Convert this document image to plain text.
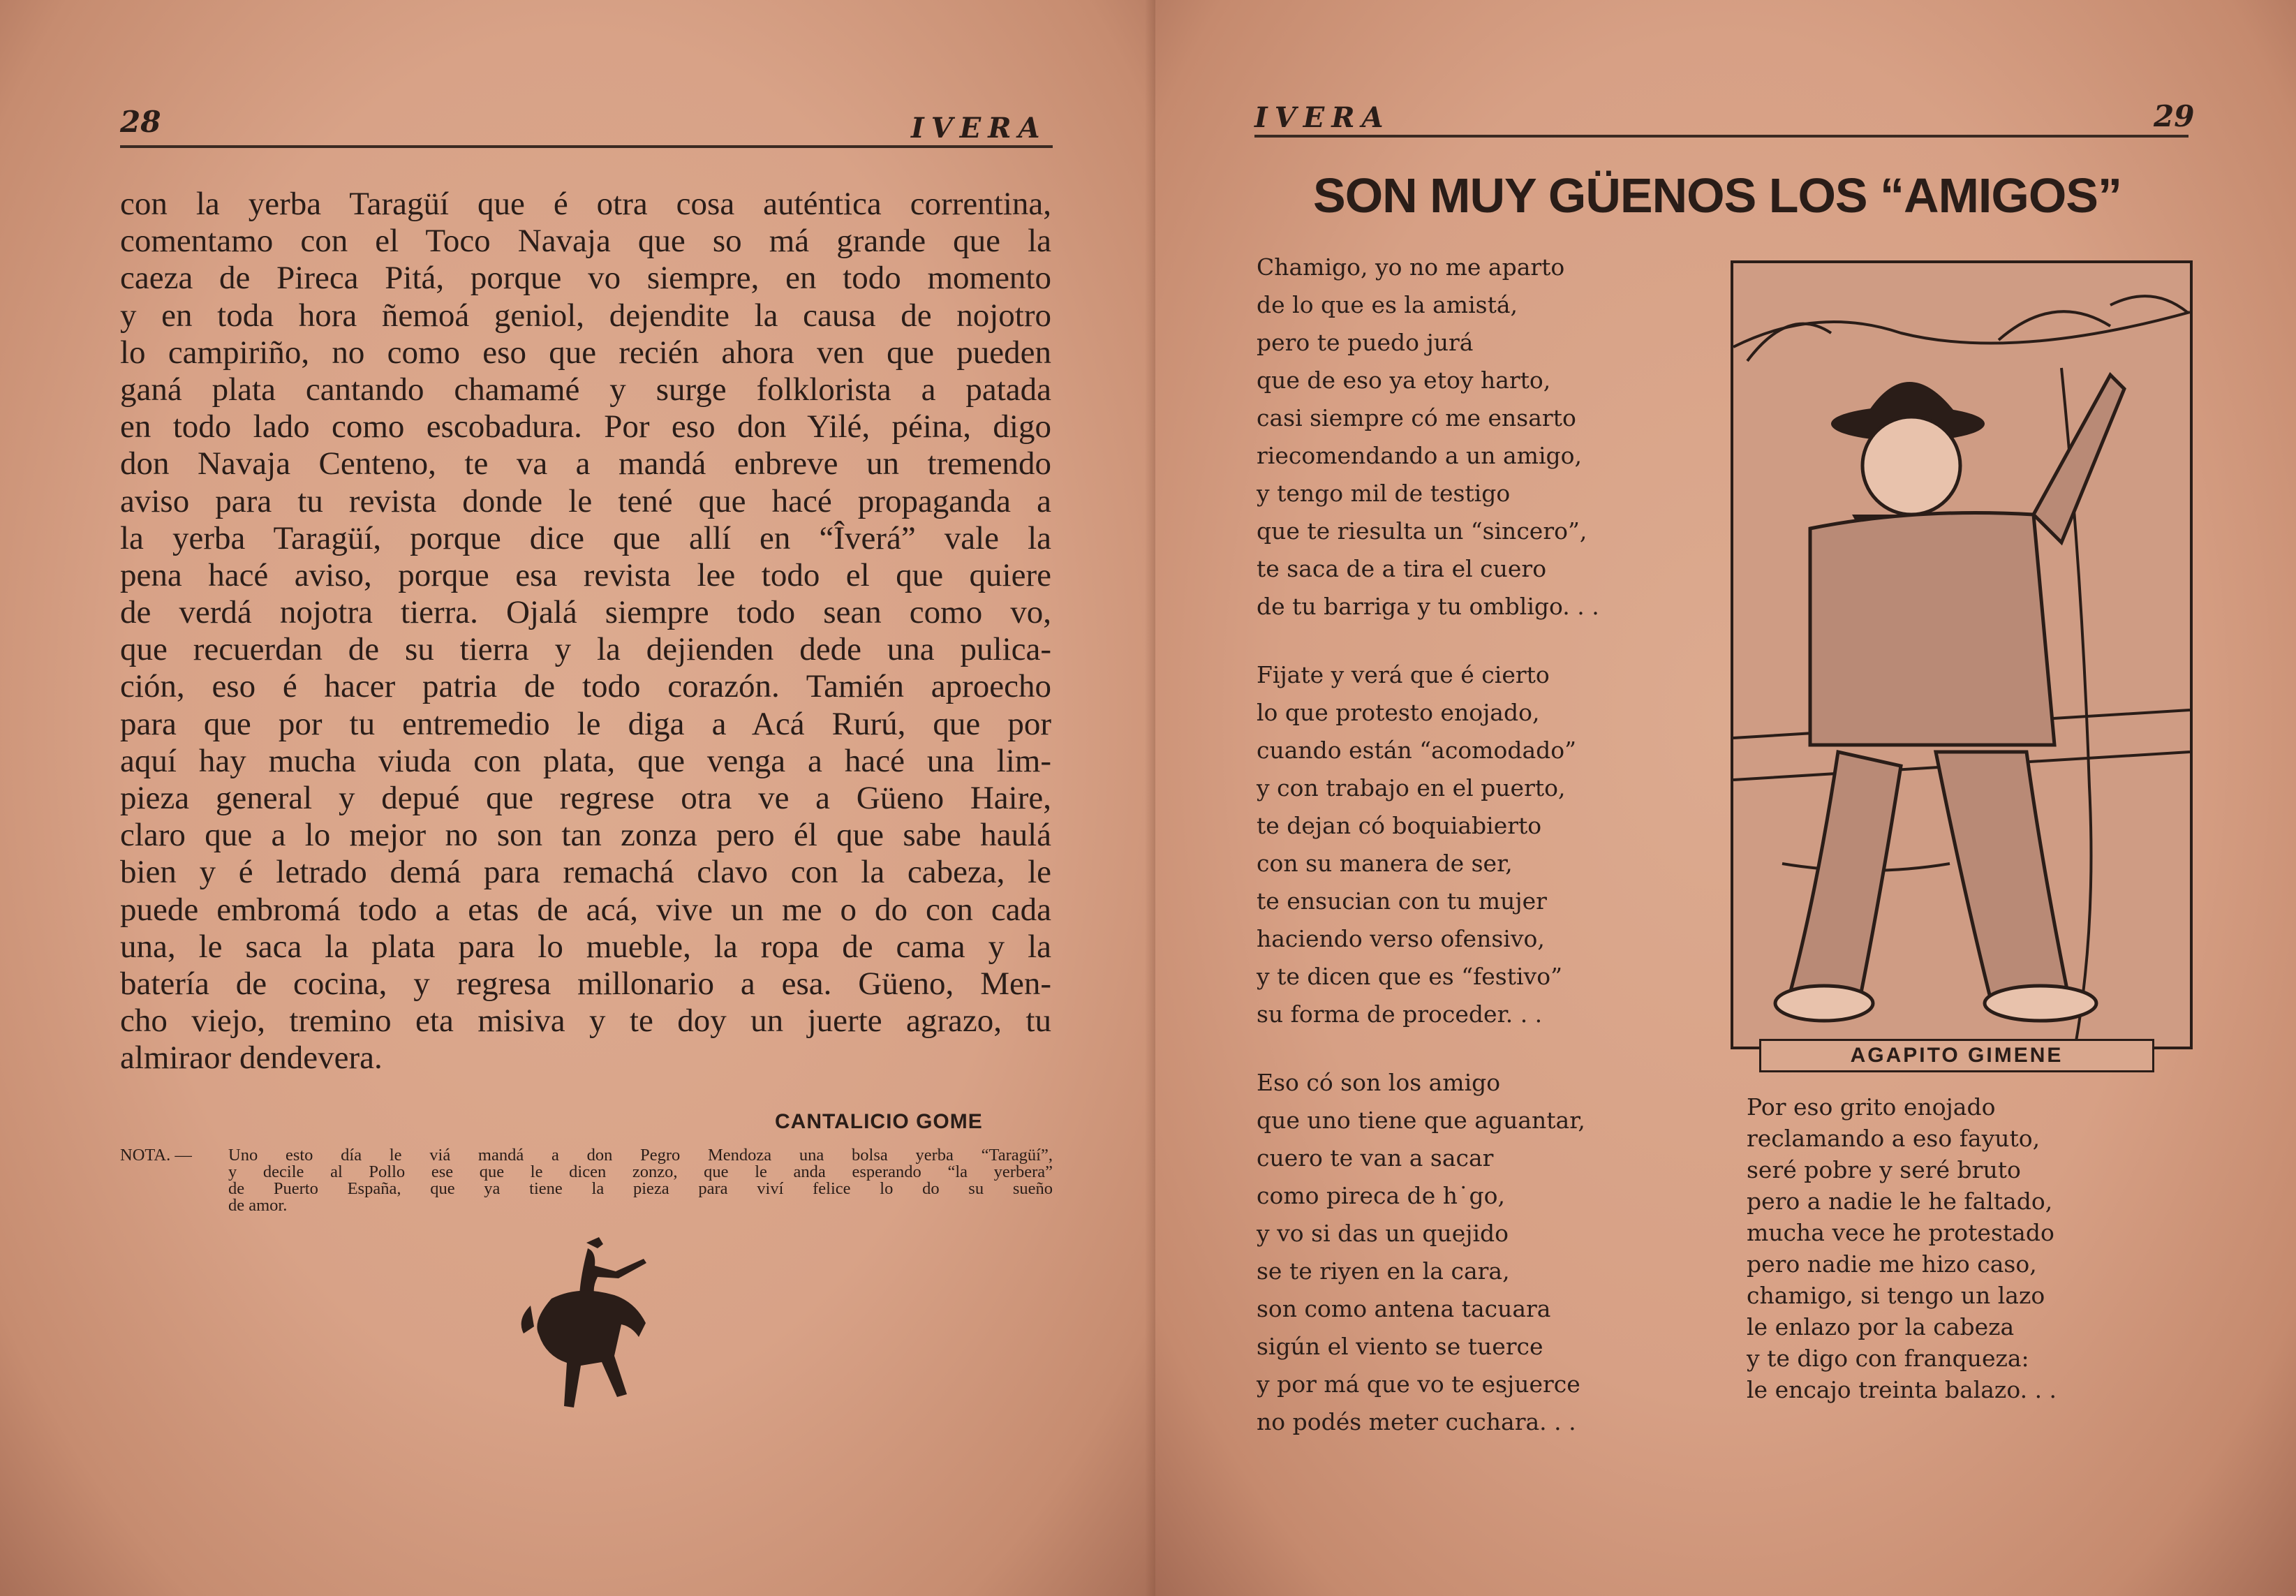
28	IVERA
con la yerba Taragüí que é otra cosa auténtica correntina,
comentamo con el Toco Navaja que so má grande que la
caeza de Pireca Pitá, porque vo siempre, en todo momento
y en toda hora ñemoá geniol, dejendite la causa de nojotro
lo campiriño, no como eso que recién ahora ven que pueden
ganá plata cantando chamamé y surge folklorista a patada
en todo lado como escobadura. Por eso don Yilé, péina, digo
don Navaja Centeno, te va a mandá enbreve un tremendo
aviso para tu revista donde le tené que hacé propaganda a
la yerba Taragüí, porque dice que allí en “Îverá” vale la
pena hacé aviso, porque esa revista lee todo el que quiere
de verdá nojotra tierra. Ojalá siempre todo sean como vo,
que recuerdan de su tierra y la dejienden dede una pulica-
ción, eso é hacer patria de todo corazón. Tamién aproecho
para que por tu entremedio le diga a Acá Rurú, que por
aquí hay mucha viuda con plata, que venga a hacé una lim-
pieza general y depué que regrese otra ve a Güeno Haire,
claro que a lo mejor no son tan zonza pero él que sabe haulá
bien y é letrado demá para remachá clavo con la cabeza, le
puede embromá todo a etas de acá, vive un me o do con cada
una, le saca la plata para lo mueble, la ropa de cama y la
batería de cocina, y regresa millonario a esa. Güeno, Men-
cho viejo, tremino eta misiva y te doy un juerte agrazo, tu
almiraor dendevera.
CANTALICIO GOME
NOTA. — Uno esto día le viá mandá a don Pegro Mendoza una bolsa yerba “Taragüí”,
y decile al Pollo ese que le dicen zonzo, que le anda esperando “la yerbera”
de Puerto España, que ya tiene la pieza para viví felice lo do su sueño
de amor.
IVERA	29
SON MUY GÜENOS LOS “AMIGOS”
Chamigo, yo no me aparto
de lo que es la amistá,
pero te puedo jurá
que de eso ya etoy harto,
casi siempre có me ensarto
riecomendando a un amigo,
y tengo mil de testigo
que te riesulta un “sincero”,
te saca de a tira el cuero
de tu barriga y tu ombligo. . .
Fijate y verá que é cierto
lo que protesto enojado,
cuando están “acomodado”
y con trabajo en el puerto,
te dejan có boquiabierto
con su manera de ser,
te ensucian con tu mujer
haciendo verso ofensivo,
y te dicen que es “festivo”
su forma de proceder. . .
Eso có son los amigo
que uno tiene que aguantar,
cuero te van a sacar
como pireca de h˙go,
y vo si das un quejido
se te riyen en la cara,
son como antena tacuara
sigún el viento se tuerce
y por má que vo te esjuerce
no podés meter cuchara. . .
Por eso grito enojado
reclamando a eso fayuto,
seré pobre y seré bruto
pero a nadie le he faltado,
mucha vece he protestado
pero nadie me hizo caso,
chamigo, si tengo un lazo
le enlazo por la cabeza
y te digo con franqueza:
le encajo treinta balazo. . .
AGAPITO GIMENE
